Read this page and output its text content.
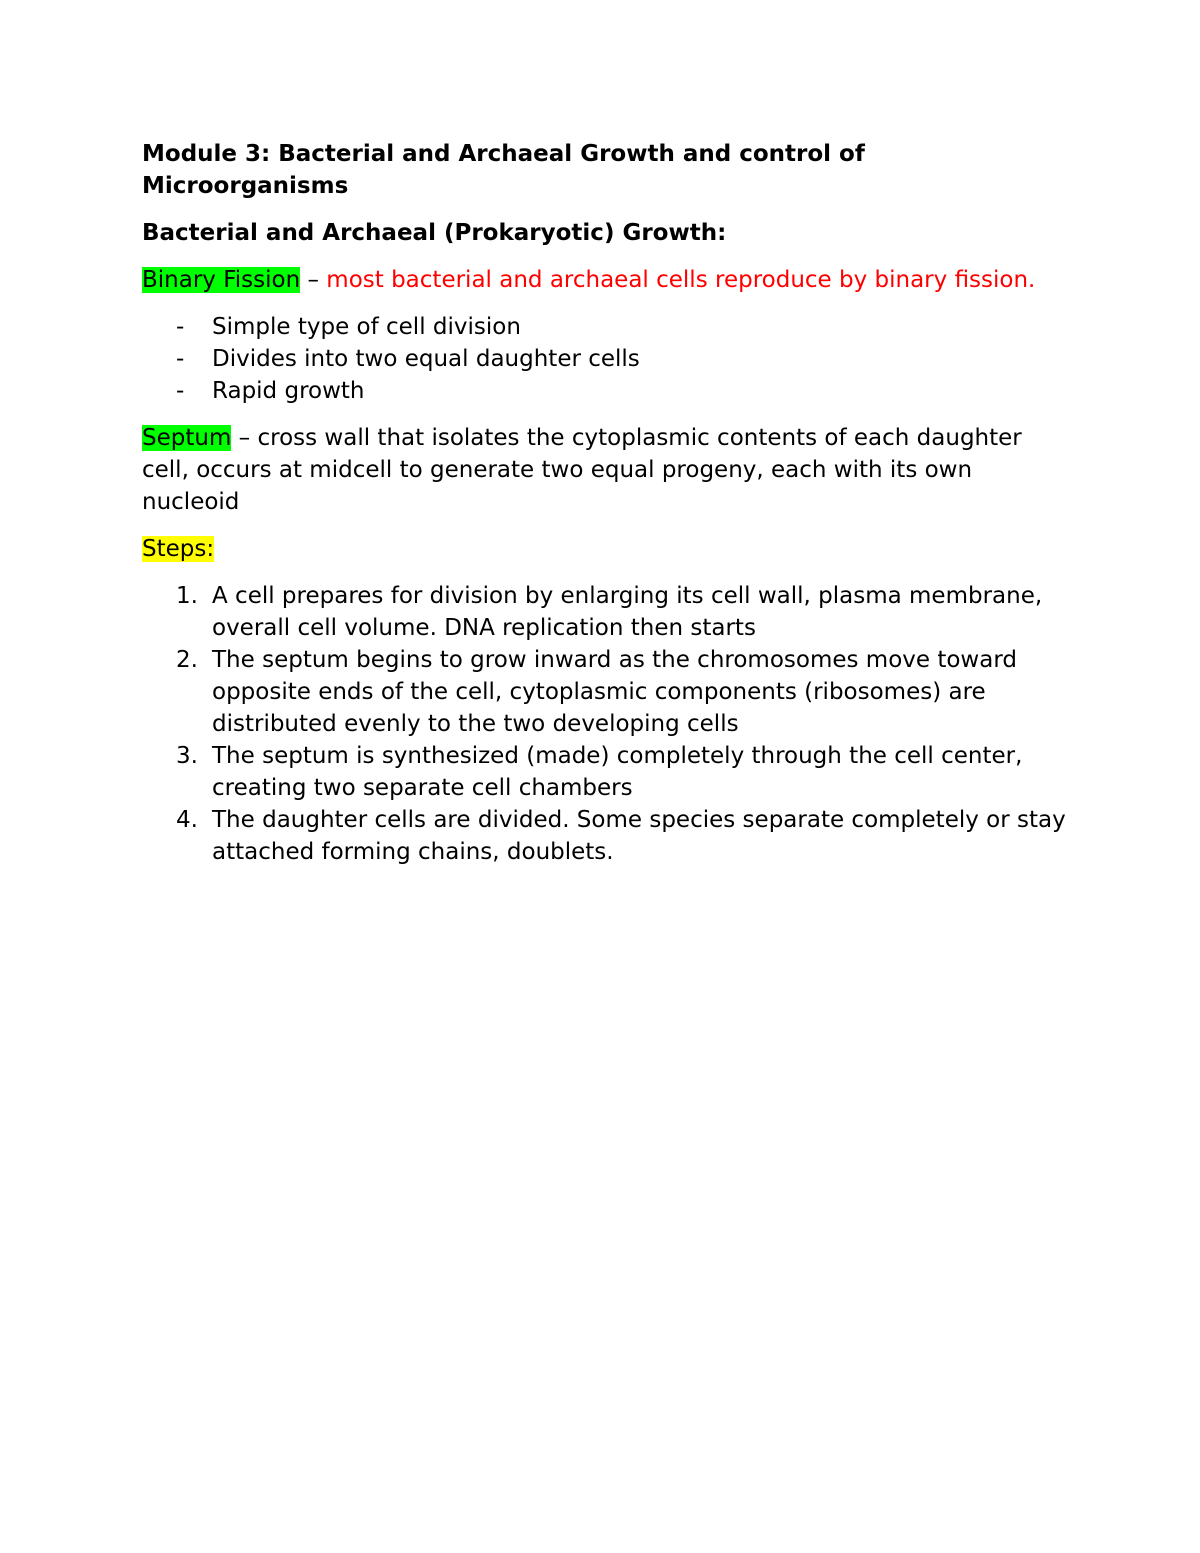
Module 3: Bacterial and Archaeal Growth and control of Microorganisms
Bacterial and Archaeal (Prokaryotic) Growth:

Binary Fission – most bacterial and archaeal cells reproduce by binary fission.

- Simple type of cell division
- Divides into two equal daughter cells
- Rapid growth

Septum – cross wall that isolates the cytoplasmic contents of each daughter cell, occurs at midcell to generate two equal progeny, each with its own nucleoid

Steps:

1. A cell prepares for division by enlarging its cell wall, plasma membrane, overall cell volume. DNA replication then starts
2. The septum begins to grow inward as the chromosomes move toward opposite ends of the cell, cytoplasmic components (ribosomes) are distributed evenly to the two developing cells
3. The septum is synthesized (made) completely through the cell center, creating two separate cell chambers
4. The daughter cells are divided. Some species separate completely or stay attached forming chains, doublets.
